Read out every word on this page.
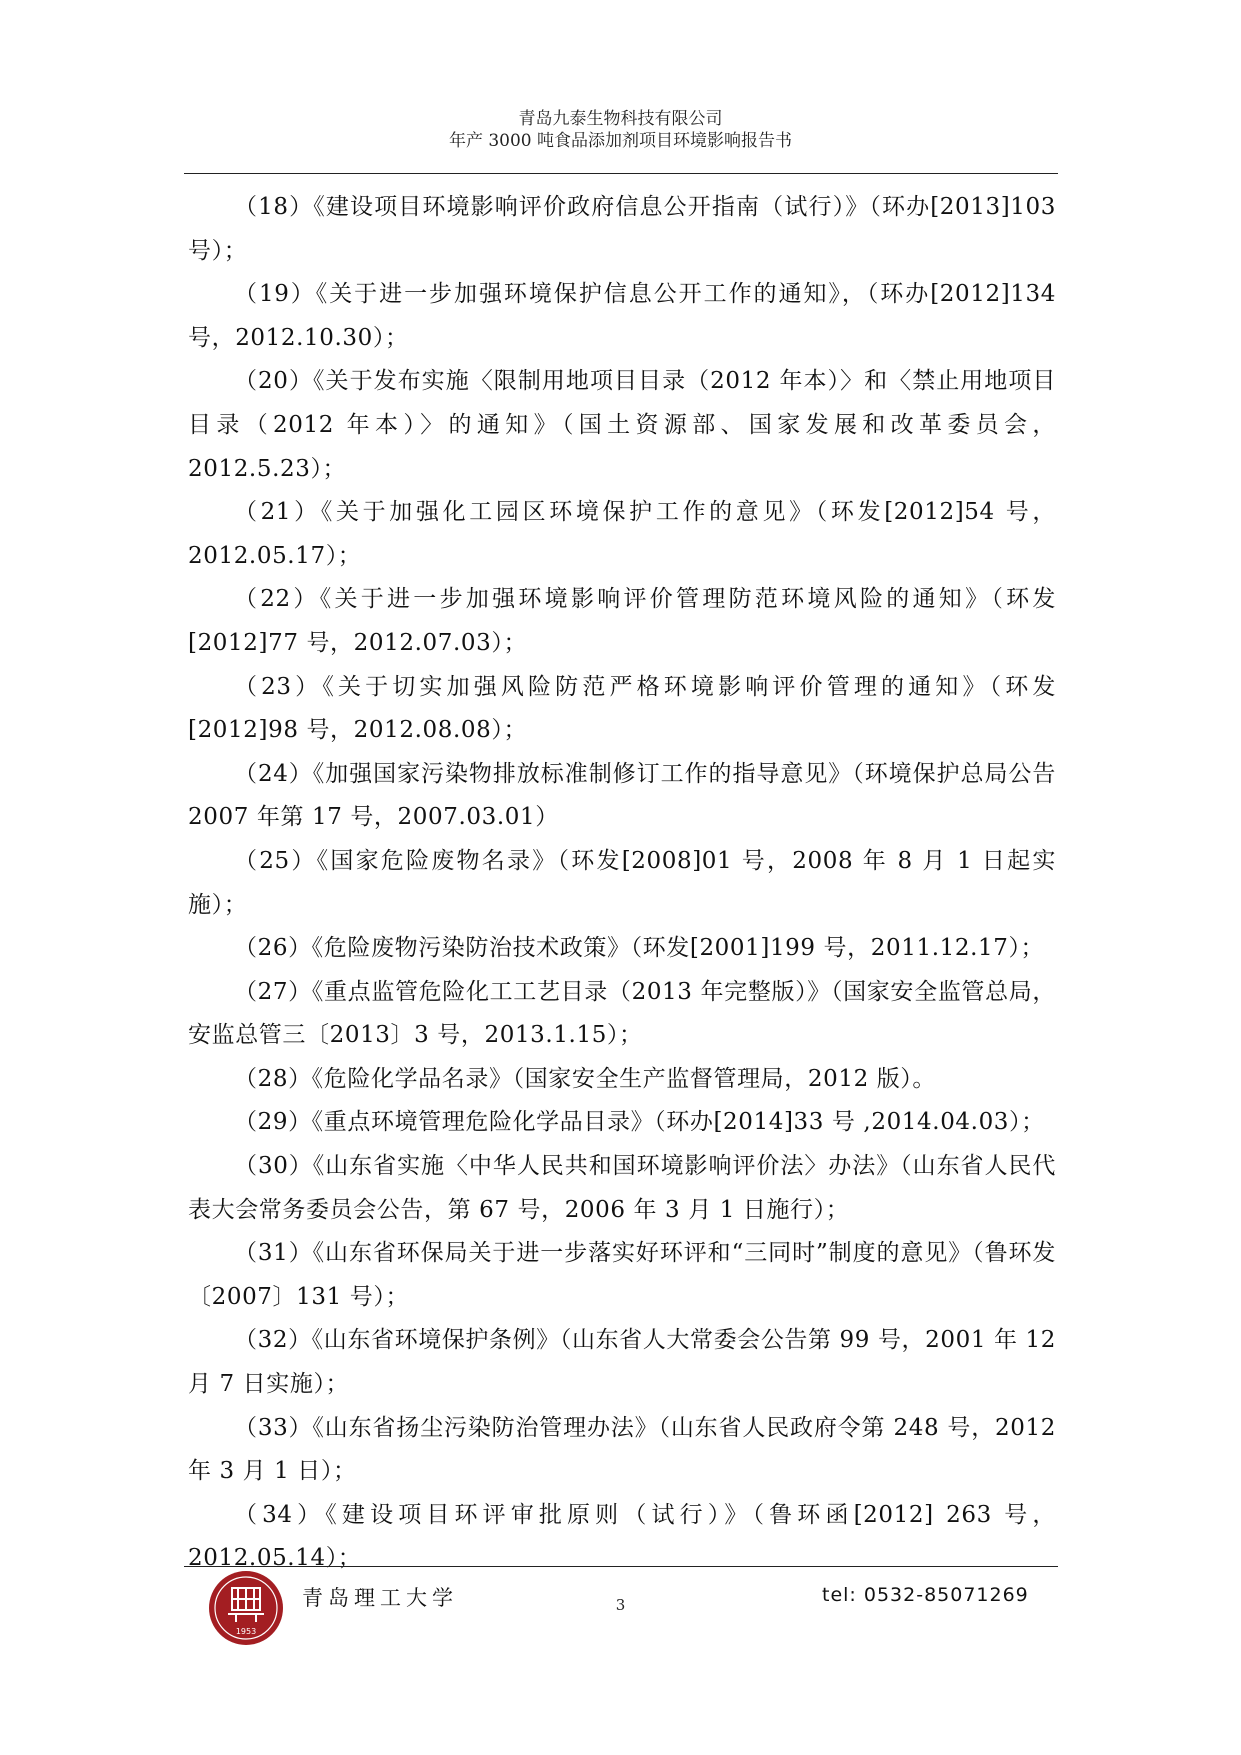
青岛九泰生物科技有限公司
年产 3000 吨食品添加剂项目环境影响报告书

（18）《建设项目环境影响评价政府信息公开指南（试行）》（环办[2013]103号）；

（19）《关于进一步加强环境保护信息公开工作的通知》，（环办[2012]134号，2012.10.30）；

（20）《关于发布实施〈限制用地项目目录（2012 年本）〉和〈禁止用地项目目录（2012 年本）〉的通知》（国土资源部、国家发展和改革委员会，2012.5.23）；

（21）《关于加强化工园区环境保护工作的意见》（环发[2012]54 号，2012.05.17）；

（22）《关于进一步加强环境影响评价管理防范环境风险的通知》（环发[2012]77 号，2012.07.03）；

（23）《关于切实加强风险防范严格环境影响评价管理的通知》（环发[2012]98 号，2012.08.08）；

（24）《加强国家污染物排放标准制修订工作的指导意见》（环境保护总局公告 2007 年第 17 号，2007.03.01）

（25）《国家危险废物名录》（环发[2008]01 号，2008 年 8 月 1 日起实施）；

（26）《危险废物污染防治技术政策》（环发[2001]199 号，2011.12.17）；

（27）《重点监管危险化工工艺目录（2013 年完整版）》（国家安全监管总局，安监总管三〔2013〕3 号，2013.1.15）；

（28）《危险化学品名录》（国家安全生产监督管理局，2012 版）。

（29）《重点环境管理危险化学品目录》（环办[2014]33 号 ,2014.04.03）；

（30）《山东省实施〈中华人民共和国环境影响评价法〉办法》（山东省人民代表大会常务委员会公告，第 67 号，2006 年 3 月 1 日施行）；

（31）《山东省环保局关于进一步落实好环评和“三同时”制度的意见》（鲁环发〔2007〕131 号）；

（32）《山东省环境保护条例》（山东省人大常委会公告第 99 号，2001 年 12 月 7 日实施）；

（33）《山东省扬尘污染防治管理办法》（山东省人民政府令第 248 号，2012 年 3 月 1 日）；

（34）《建设项目环评审批原则（试行）》（鲁环函[2012] 263 号，2012.05.14）；

1953
青岛理工大学	tel: 0532-85071269
3
